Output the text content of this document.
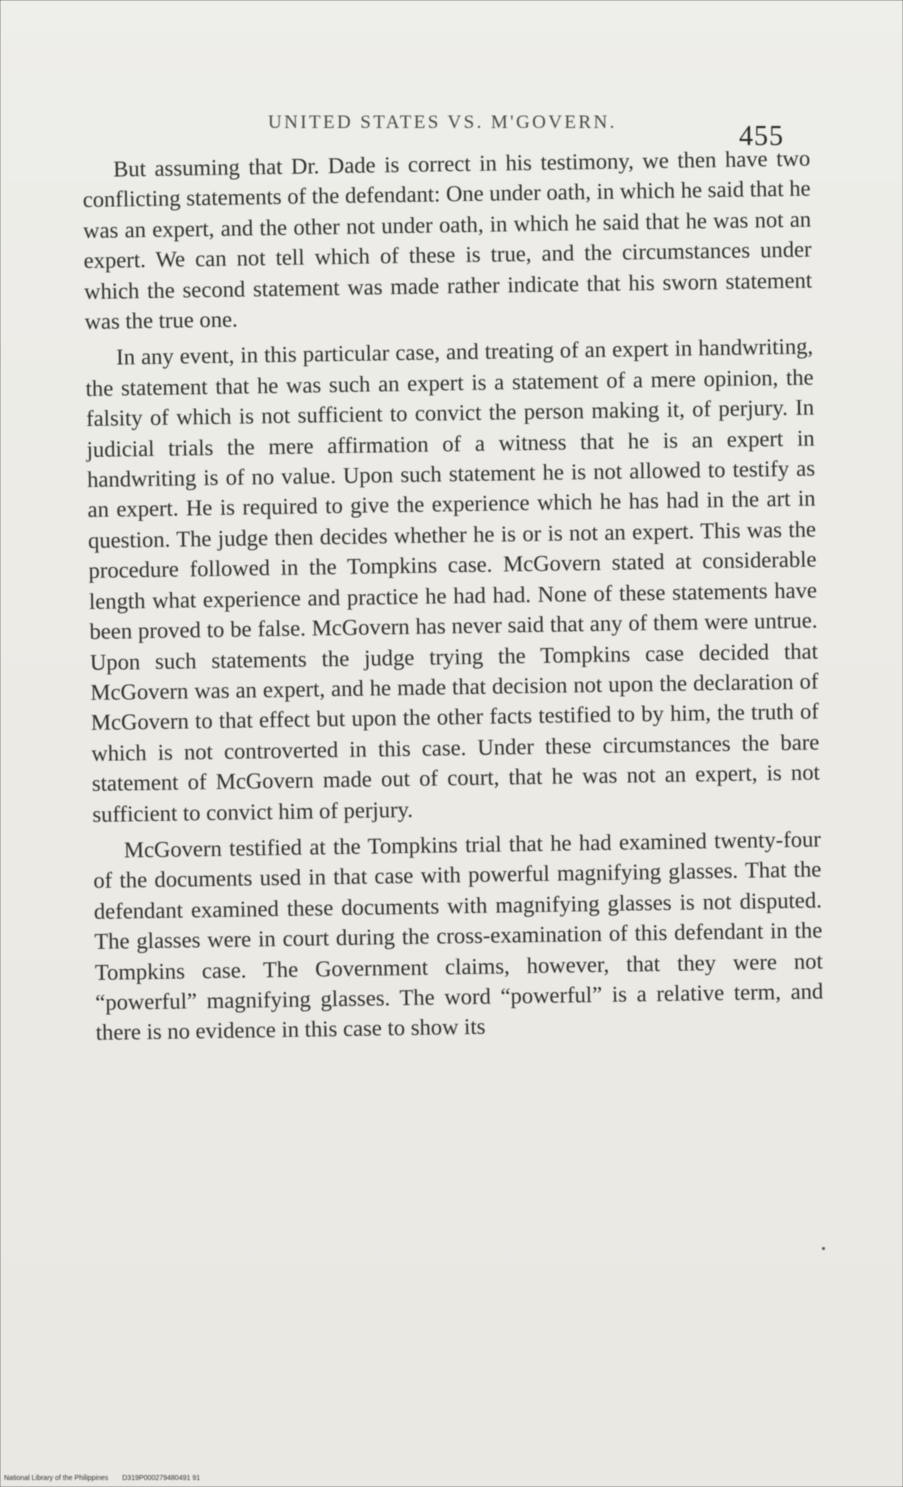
UNITED STATES VS. M'GOVERN.	455

But assuming that Dr. Dade is correct in his testimony, we then have two conflicting statements of the defendant: One under oath, in which he said that he was an expert, and the other not under oath, in which he said that he was not an expert. We can not tell which of these is true, and the circumstances under which the second statement was made rather indicate that his sworn statement was the true one.

In any event, in this particular case, and treating of an expert in handwriting, the statement that he was such an expert is a statement of a mere opinion, the falsity of which is not sufficient to convict the person making it, of perjury. In judicial trials the mere affirmation of a witness that he is an expert in handwriting is of no value. Upon such statement he is not allowed to testify as an expert. He is required to give the experience which he has had in the art in question. The judge then decides whether he is or is not an expert. This was the procedure followed in the Tompkins case. McGovern stated at considerable length what experience and practice he had had. None of these statements have been proved to be false. McGovern has never said that any of them were untrue. Upon such statements the judge trying the Tompkins case decided that McGovern was an expert, and he made that decision not upon the declaration of McGovern to that effect but upon the other facts testified to by him, the truth of which is not controverted in this case. Under these circumstances the bare statement of McGovern made out of court, that he was not an expert, is not sufficient to convict him of perjury.

McGovern testified at the Tompkins trial that he had examined twenty-four of the documents used in that case with powerful magnifying glasses. That the defendant examined these documents with magnifying glasses is not disputed. The glasses were in court during the cross-examination of this defendant in the Tompkins case. The Government claims, however, that they were not “powerful” magnifying glasses. The word “powerful” is a relative term, and there is no evidence in this case to show its

National Library of the Philippines D319P000279480491 91
